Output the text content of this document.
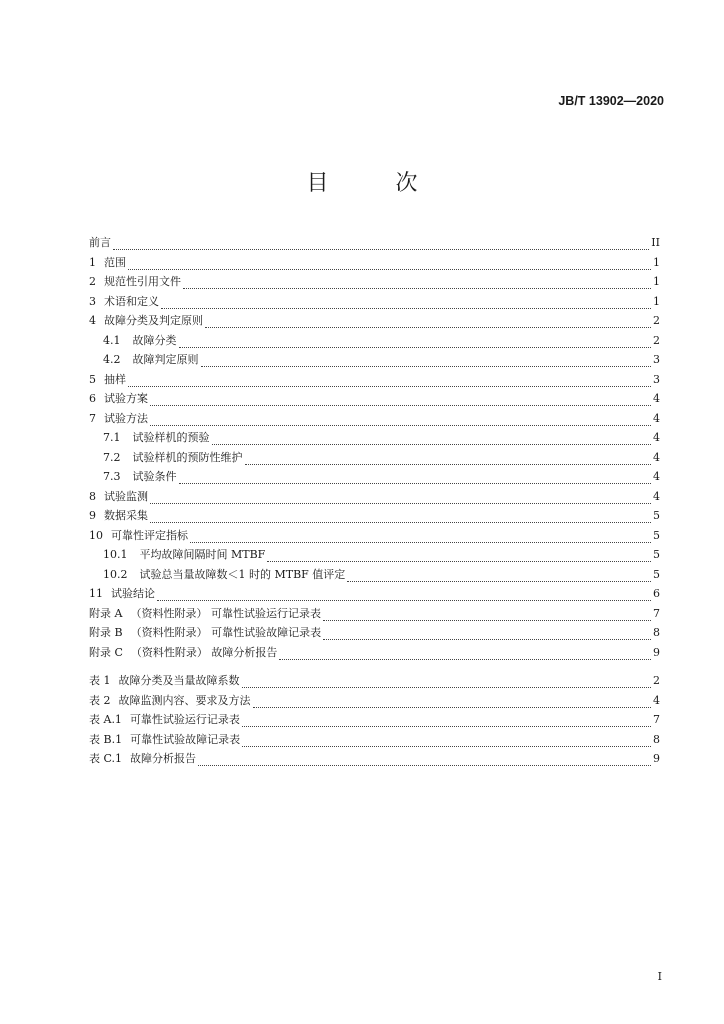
JB/T 13902—2020
目 次
前言	II
1 范围	1
2 规范性引用文件	1
3 术语和定义	1
4 故障分类及判定原则	2
4.1 故障分类	2
4.2 故障判定原则	3
5 抽样	3
6 试验方案	4
7 试验方法	4
7.1 试验样机的预验	4
7.2 试验样机的预防性维护	4
7.3 试验条件	4
8 试验监测	4
9 数据采集	5
10 可靠性评定指标	5
10.1 平均故障间隔时间 MTBF	5
10.2 试验总当量故障数＜1 时的 MTBF 值评定	5
11 试验结论	6
附录 A （资料性附录） 可靠性试验运行记录表	7
附录 B （资料性附录） 可靠性试验故障记录表	8
附录 C （资料性附录） 故障分析报告	9
表 1 故障分类及当量故障系数	2
表 2 故障监测内容、要求及方法	4
表 A.1 可靠性试验运行记录表	7
表 B.1 可靠性试验故障记录表	8
表 C.1 故障分析报告	9
I
